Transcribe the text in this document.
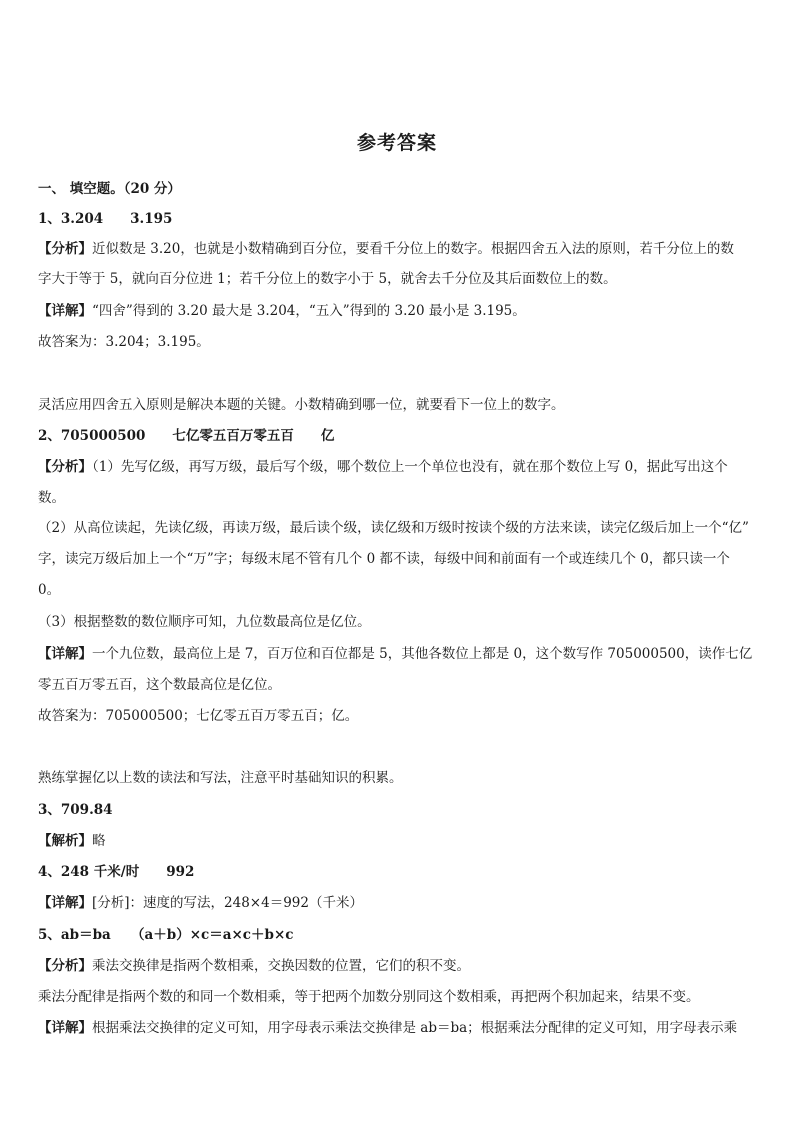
参考答案
一、 填空题。（20 分）
1、3.204　　3.195
【分析】近似数是 3.20，也就是小数精确到百分位，要看千分位上的数字。根据四舍五入法的原则，若千分位上的数
字大于等于 5，就向百分位进 1；若千分位上的数字小于 5，就舍去千分位及其后面数位上的数。
【详解】“四舍”得到的 3.20 最大是 3.204，“五入”得到的 3.20 最小是 3.195。
故答案为：3.204；3.195。
灵活应用四舍五入原则是解决本题的关键。小数精确到哪一位，就要看下一位上的数字。
2、705000500　　七亿零五百万零五百　　亿
【分析】（1）先写亿级，再写万级，最后写个级，哪个数位上一个单位也没有，就在那个数位上写 0，据此写出这个
数。
（2）从高位读起，先读亿级，再读万级，最后读个级，读亿级和万级时按读个级的方法来读，读完亿级后加上一个“亿”
字，读完万级后加上一个“万”字；每级末尾不管有几个 0 都不读，每级中间和前面有一个或连续几个 0，都只读一个
0。
（3）根据整数的数位顺序可知，九位数最高位是亿位。
【详解】一个九位数，最高位上是 7，百万位和百位都是 5，其他各数位上都是 0，这个数写作 705000500，读作七亿
零五百万零五百，这个数最高位是亿位。
故答案为：705000500；七亿零五百万零五百；亿。
熟练掌握亿以上数的读法和写法，注意平时基础知识的积累。
3、709.84
【解析】略
4、248 千米/时　　992
【详解】[分析]：速度的写法，248×4＝992（千米）
5、ab＝ba　　（a＋b）×c＝a×c＋b×c
【分析】乘法交换律是指两个数相乘，交换因数的位置，它们的积不变。
乘法分配律是指两个数的和同一个数相乘，等于把两个加数分别同这个数相乘，再把两个积加起来，结果不变。
【详解】根据乘法交换律的定义可知，用字母表示乘法交换律是 ab＝ba；根据乘法分配律的定义可知，用字母表示乘
